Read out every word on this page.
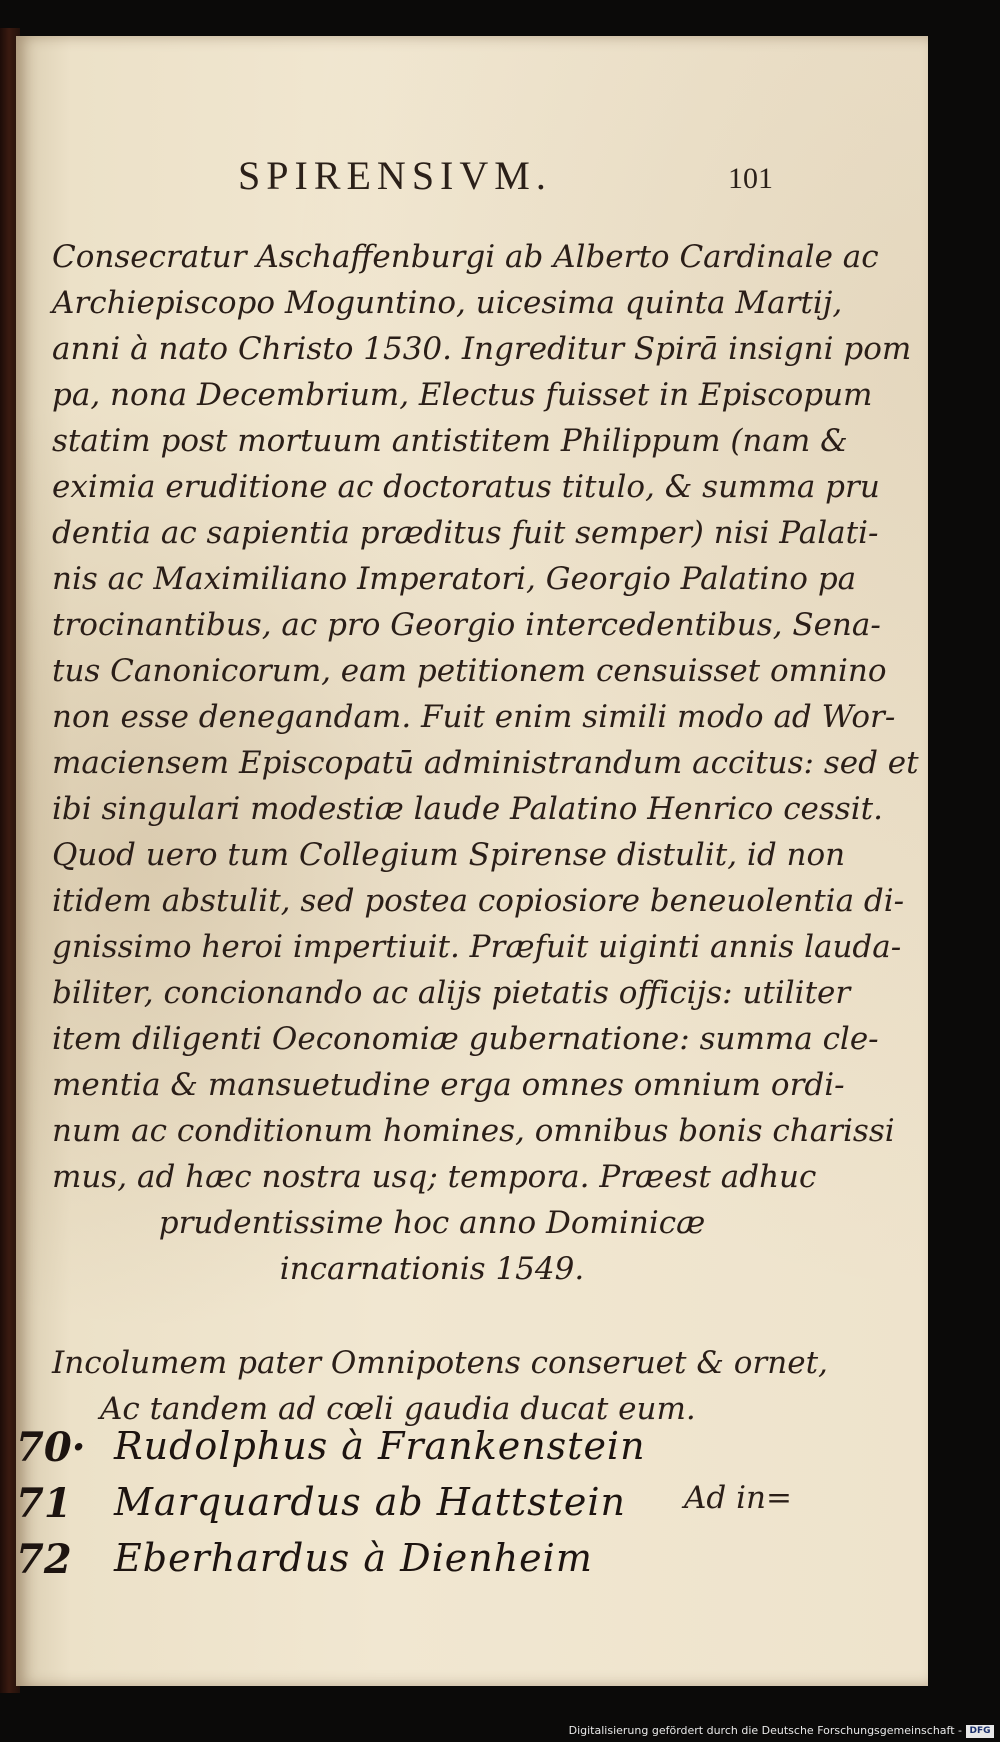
SPIRENSIVM.	101
Consecratur Aschaffenburgi ab Alberto Cardinale ac
Archiepiscopo Moguntino, uicesima quinta Martij,
anni à nato Christo 1530. Ingreditur Spirā insigni pom
pa, nona Decembrium, Electus fuisset in Episcopum
statim post mortuum antistitem Philippum (nam &
eximia eruditione ac doctoratus titulo, & summa pru
dentia ac sapientia præditus fuit semper) nisi Palati-
nis ac Maximiliano Imperatori, Georgio Palatino pa
trocinantibus, ac pro Georgio intercedentibus, Sena-
tus Canonicorum, eam petitionem censuisset omnino
non esse denegandam. Fuit enim simili modo ad Wor-
maciensem Episcopatū administrandum accitus: sed et
ibi singulari modestiæ laude Palatino Henrico cessit.
Quod uero tum Collegium Spirense distulit, id non
itidem abstulit, sed postea copiosiore beneuolentia di-
gnissimo heroi impertiuit. Præfuit uiginti annis lauda-
biliter, concionando ac alijs pietatis officijs: utiliter
item diligenti Oeconomiæ gubernatione: summa cle-
mentia & mansuetudine erga omnes omnium ordi-
num ac conditionum homines, omnibus bonis charissi
mus, ad hæc nostra usq; tempora. Præest adhuc
prudentissime hoc anno Dominicæ
incarnationis 1549.
Incolumem pater Omnipotens conseruet & ornet,
Ac tandem ad cœli gaudia ducat eum.
70· Rudolphus à Frankenstein
71 Marquardus ab Hattstein
72 Eberhardus à Dienheim
Ad in=
Digitalisierung gefördert durch die Deutsche Forschungsgemeinschaft - DFG
